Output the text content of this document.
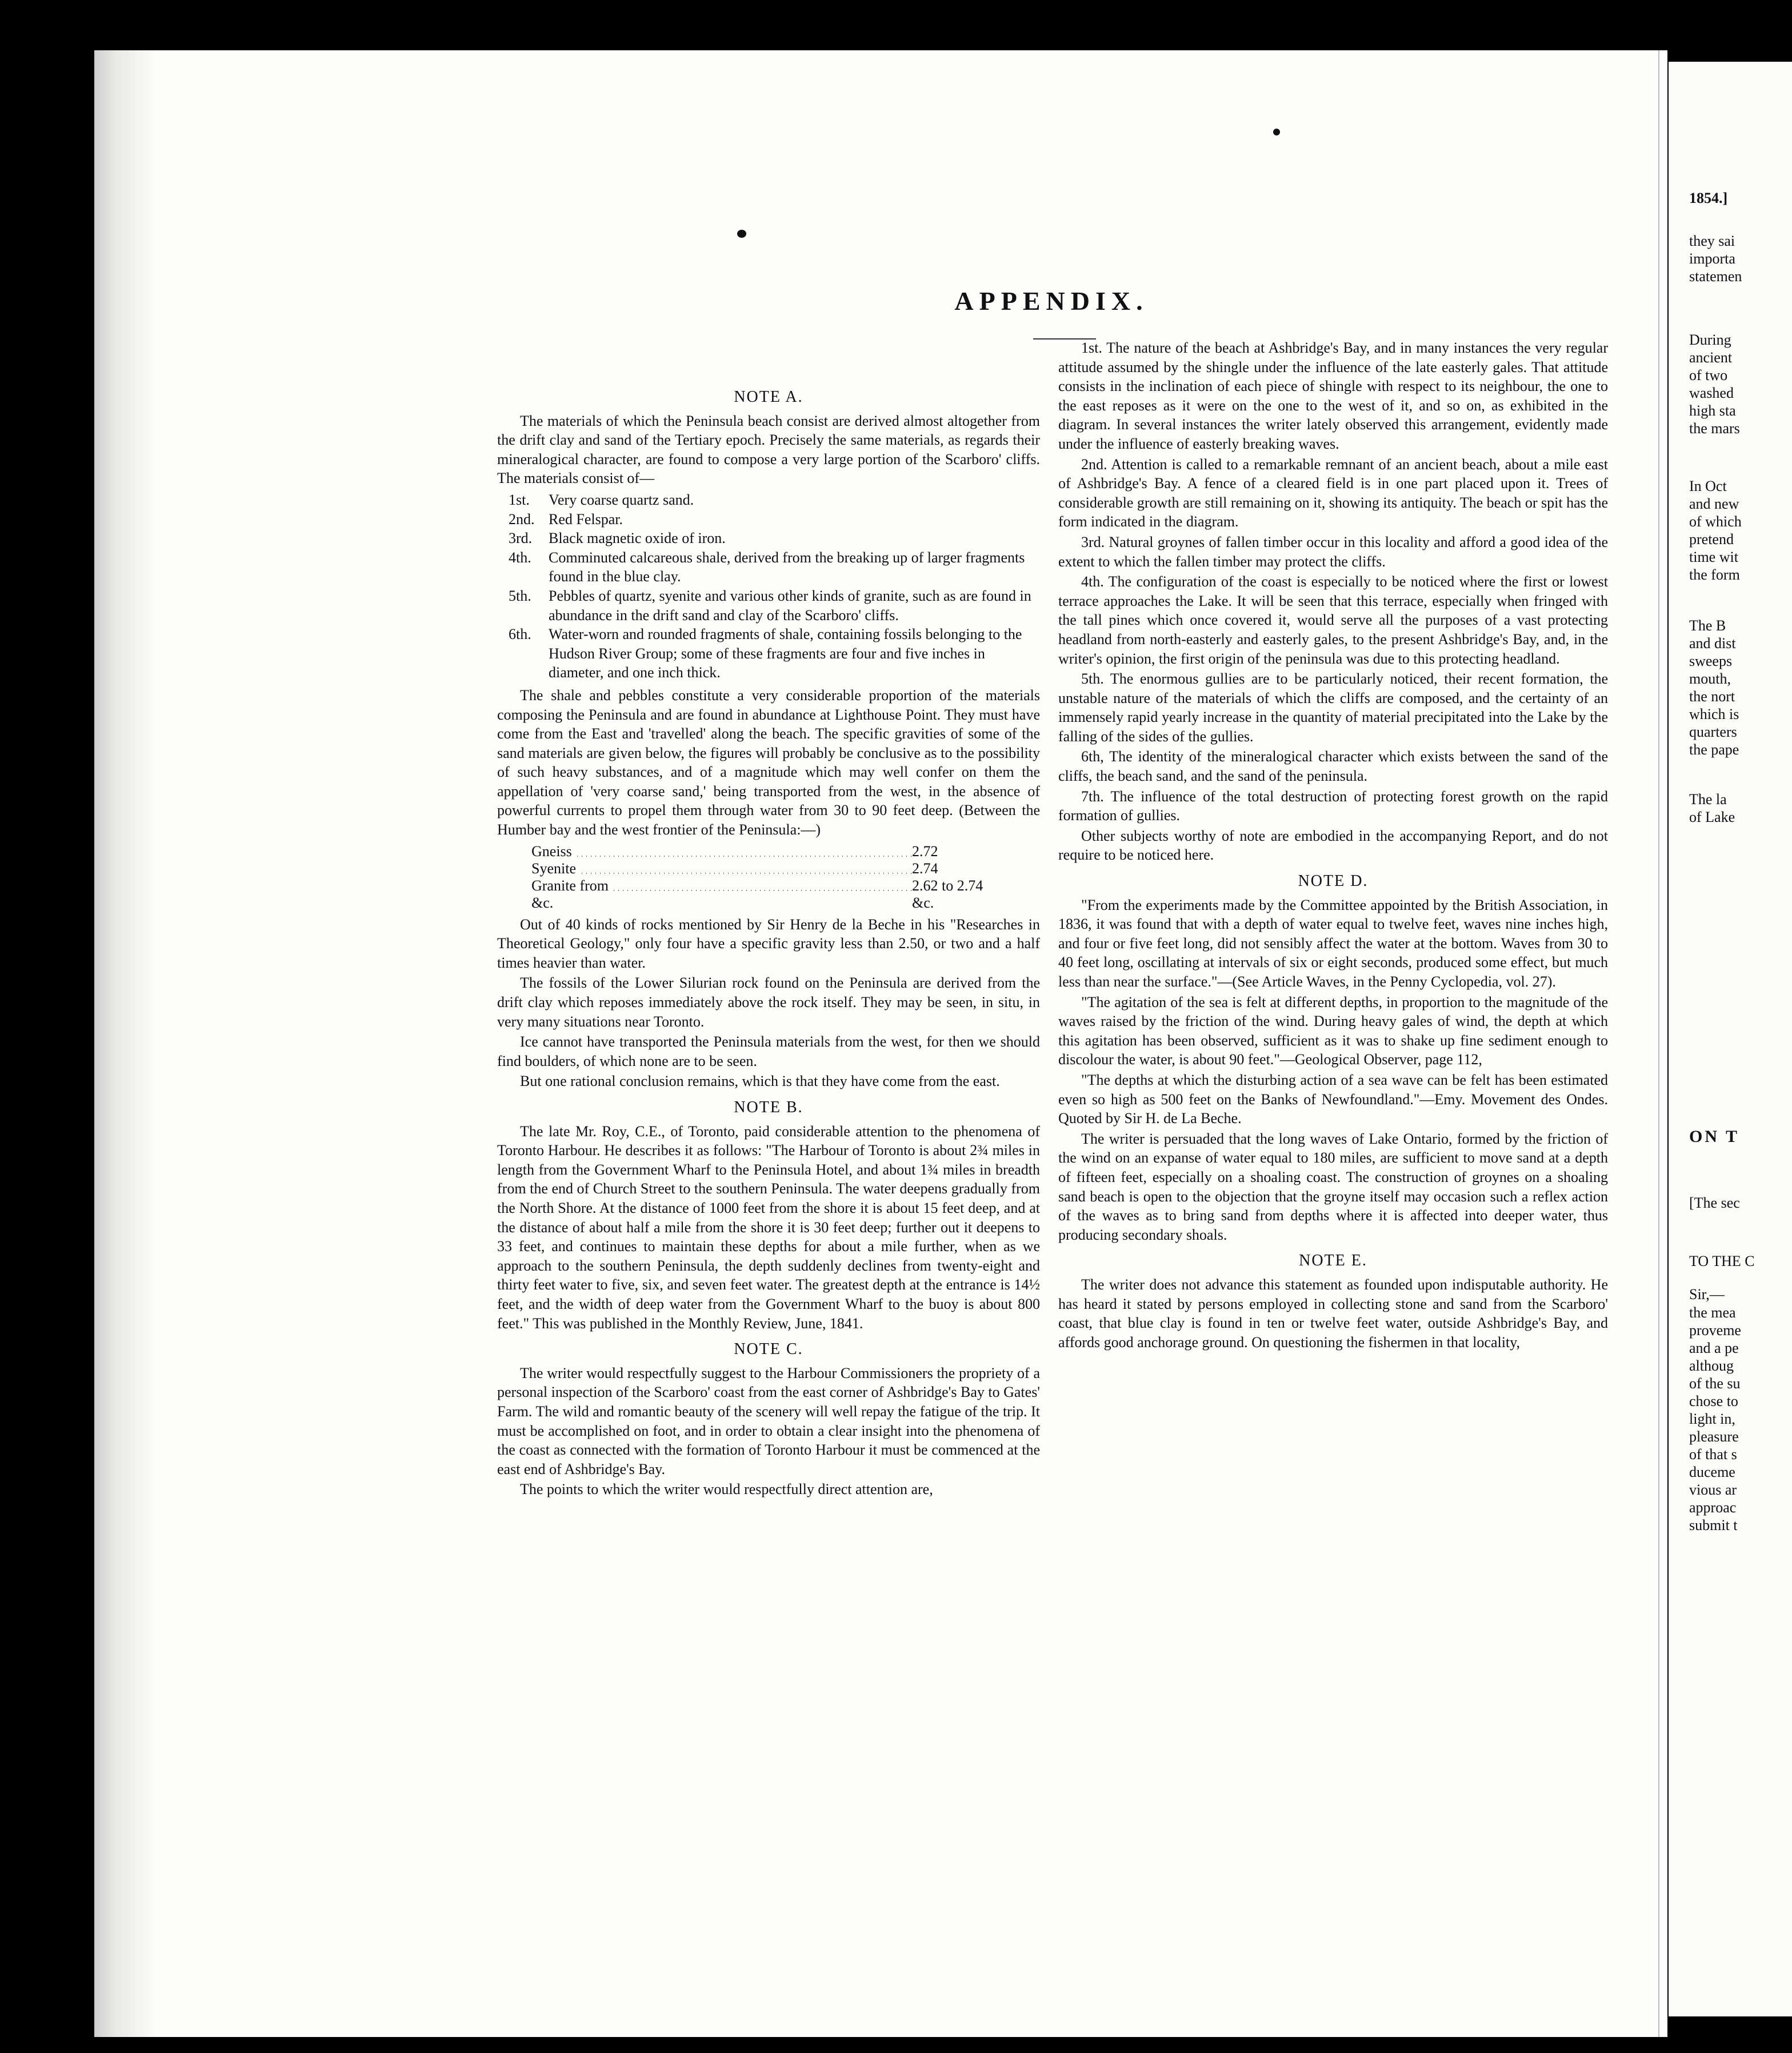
1854.]
they sai
importa
statemen
During
ancient
of two
washed
high sta
the mars
In Oct
and new
of which
pretend
time wit
the form
The B
and dist
sweeps
mouth,
the nort
which is
quarters
the pape
The la
of Lake
ON T
[The sec
TO THE C
Sir,—
the mea
proveme
and a pe
althoug
of the su
chose to
light in,
pleasure
of that s
duceme
vious ar
approac
submit t
APPENDIX.

NOTE A.

The materials of which the Peninsula beach consist are derived almost altogether from the drift clay and sand of the Tertiary epoch. Precisely the same materials, as regards their mineralogical character, are found to compose a very large portion of the Scarboro' cliffs. The materials consist of—

1st.	Very coarse quartz sand.
2nd. Red Felspar.
3rd.	Black magnetic oxide of iron.
4th.	Comminuted calcareous shale, derived from the breaking up of larger fragments found in the blue clay.
5th.	Pebbles of quartz, syenite and various other kinds of granite, such as are found in abundance in the drift sand and clay of the Scarboro' cliffs.
6th.	Water-worn and rounded fragments of shale, containing fossils belonging to the Hudson River Group; some of these fragments are four and five inches in diameter, and one inch thick.

The shale and pebbles constitute a very considerable proportion of the materials composing the Peninsula and are found in abundance at Lighthouse Point. They must have come from the East and 'travelled' along the beach. The specific gravities of some of the sand materials are given below, the figures will probably be conclusive as to the possibility of such heavy substances, and of a magnitude which may well confer on them the appellation of 'very coarse sand,' being transported from the west, in the absence of powerful currents to propel them through water from 30 to 90 feet deep. (Between the Humber bay and the west frontier of the Peninsula:—)

Gneiss	2.72
Syenite	2.74
Granite from	2.62 to 2.74
&c.	&c.

Out of 40 kinds of rocks mentioned by Sir Henry de la Beche in his "Researches in Theoretical Geology," only four have a specific gravity less than 2.50, or two and a half times heavier than water.

The fossils of the Lower Silurian rock found on the Peninsula are derived from the drift clay which reposes immediately above the rock itself. They may be seen, in situ, in very many situations near Toronto.

Ice cannot have transported the Peninsula materials from the west, for then we should find boulders, of which none are to be seen.

But one rational conclusion remains, which is that they have come from the east.

NOTE B.

The late Mr. Roy, C.E., of Toronto, paid considerable attention to the phenomena of Toronto Harbour. He describes it as follows: "The Harbour of Toronto is about 2¾ miles in length from the Government Wharf to the Peninsula Hotel, and about 1¾ miles in breadth from the end of Church Street to the southern Peninsula. The water deepens gradually from the North Shore. At the distance of 1000 feet from the shore it is about 15 feet deep, and at the distance of about half a mile from the shore it is 30 feet deep; further out it deepens to 33 feet, and continues to maintain these depths for about a mile further, when as we approach to the southern Peninsula, the depth suddenly declines from twenty-eight and thirty feet water to five, six, and seven feet water. The greatest depth at the entrance is 14½ feet, and the width of deep water from the Government Wharf to the buoy is about 800 feet." This was published in the Monthly Review, June, 1841.

NOTE C.

The writer would respectfully suggest to the Harbour Commissioners the propriety of a personal inspection of the Scarboro' coast from the east corner of Ashbridge's Bay to Gates' Farm. The wild and romantic beauty of the scenery will well repay the fatigue of the trip. It must be accomplished on foot, and in order to obtain a clear insight into the phenomena of the coast as connected with the formation of Toronto Harbour it must be commenced at the east end of Ashbridge's Bay.

The points to which the writer would respectfully direct attention are,

1st. The nature of the beach at Ashbridge's Bay, and in many instances the very regular attitude assumed by the shingle under the influence of the late easterly gales. That attitude consists in the inclination of each piece of shingle with respect to its neighbour, the one to the east reposes as it were on the one to the west of it, and so on, as exhibited in the diagram. In several instances the writer lately observed this arrangement, evidently made under the influence of easterly breaking waves.

2nd. Attention is called to a remarkable remnant of an ancient beach, about a mile east of Ashbridge's Bay. A fence of a cleared field is in one part placed upon it. Trees of considerable growth are still remaining on it, showing its antiquity. The beach or spit has the form indicated in the diagram.

3rd. Natural groynes of fallen timber occur in this locality and afford a good idea of the extent to which the fallen timber may protect the cliffs.

4th. The configuration of the coast is especially to be noticed where the first or lowest terrace approaches the Lake. It will be seen that this terrace, especially when fringed with the tall pines which once covered it, would serve all the purposes of a vast protecting headland from north-easterly and easterly gales, to the present Ashbridge's Bay, and, in the writer's opinion, the first origin of the peninsula was due to this protecting headland.

5th. The enormous gullies are to be particularly noticed, their recent formation, the unstable nature of the materials of which the cliffs are composed, and the certainty of an immensely rapid yearly increase in the quantity of material precipitated into the Lake by the falling of the sides of the gullies.

6th, The identity of the mineralogical character which exists between the sand of the cliffs, the beach sand, and the sand of the peninsula.

7th. The influence of the total destruction of protecting forest growth on the rapid formation of gullies.

Other subjects worthy of note are embodied in the accompanying Report, and do not require to be noticed here.

NOTE D.

"From the experiments made by the Committee appointed by the British Association, in 1836, it was found that with a depth of water equal to twelve feet, waves nine inches high, and four or five feet long, did not sensibly affect the water at the bottom. Waves from 30 to 40 feet long, oscillating at intervals of six or eight seconds, produced some effect, but much less than near the surface."—(See Article Waves, in the Penny Cyclopedia, vol. 27).

"The agitation of the sea is felt at different depths, in proportion to the magnitude of the waves raised by the friction of the wind. During heavy gales of wind, the depth at which this agitation has been observed, sufficient as it was to shake up fine sediment enough to discolour the water, is about 90 feet."—Geological Observer, page 112,

"The depths at which the disturbing action of a sea wave can be felt has been estimated even so high as 500 feet on the Banks of Newfoundland."—Emy. Movement des Ondes. Quoted by Sir H. de La Beche.

The writer is persuaded that the long waves of Lake Ontario, formed by the friction of the wind on an expanse of water equal to 180 miles, are sufficient to move sand at a depth of fifteen feet, especially on a shoaling coast. The construction of groynes on a shoaling sand beach is open to the objection that the groyne itself may occasion such a reflex action of the waves as to bring sand from depths where it is affected into deeper water, thus producing secondary shoals.

NOTE E.

The writer does not advance this statement as founded upon indisputable authority. He has heard it stated by persons employed in collecting stone and sand from the Scarboro' coast, that blue clay is found in ten or twelve feet water, outside Ashbridge's Bay, and affords good anchorage ground. On questioning the fishermen in that locality,
